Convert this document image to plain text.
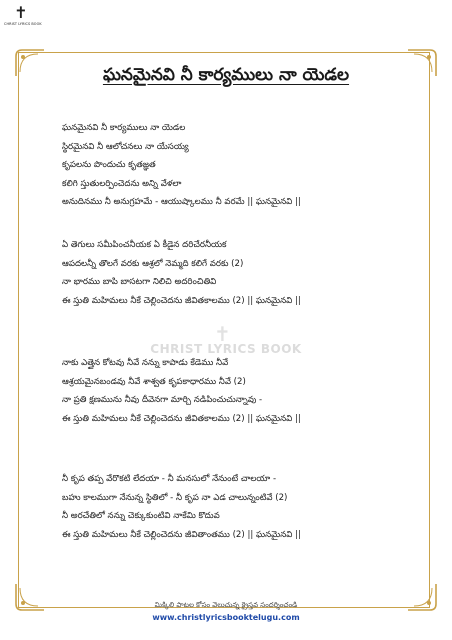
✝
CHRIST LYRICS BOOK
ఘనమైనవి నీ కార్యములు నా యెడల
✝
CHRIST LYRICS BOOK
ఘనమైనవి నీ కార్యములు నా యెడల
స్థిరమైనవి నీ ఆలోచనలు నా యేసయ్య
కృపలను పొందుచు కృతజ్ఞత
కలిగి స్తుతులర్పించెదను అన్ని వేళలా
అనుదినము నీ అనుగ్రహమే - ఆయుష్కాలము నీ వరమే || ఘనమైనవి ||
ఏ తెగులు సమీపించనీయక ఏ కీడైన దరిచేరనీయక
ఆపదలన్నీ తొలగే వరకు ఆశ్రలో నెమ్మది కలిగే వరకు (2)
నా భారము బాపి బాసటగా నిలిచి అదరించితివి
ఈ స్తుతి మహిమలు నీకే చెల్లించెదను జీవితకాలము (2) || ఘనమైనవి ||
నాకు ఎత్తైన కోటవు నీవే నన్ను కాపాడు కేడెము నీవే
ఆశ్రయమైనబండవు నీవే శాశ్వత కృపకాధారము నీవే (2)
నా ప్రతి క్షణమును నీవు దీవెనగా మార్చి నడిపించుచున్నావు -
ఈ స్తుతి మహిమలు నీకే చెల్లించెదను జీవితకాలము (2) || ఘనమైనవి ||
నీ కృప తప్ప వేరొకటి లేదయా - నీ మనసులో నేనుంటే చాలయా -
బహు కాలముగా నేనున్న స్థితిలో - నీ కృప నా ఎడ చాలున్నంటివే (2)
నీ అరచేతిలో నన్ను చెక్కుకుంటివి నాకేమి కొదువ
ఈ స్తుతి మహిమలు నీకే చెల్లించెదను జీవితాంతము (2) || ఘనమైనవి ||
మిక్కిలి పాటల కోసం వెలుచున్న క్రైస్తవ సందర్శించండి
www.christlyricsbooktelugu.com
